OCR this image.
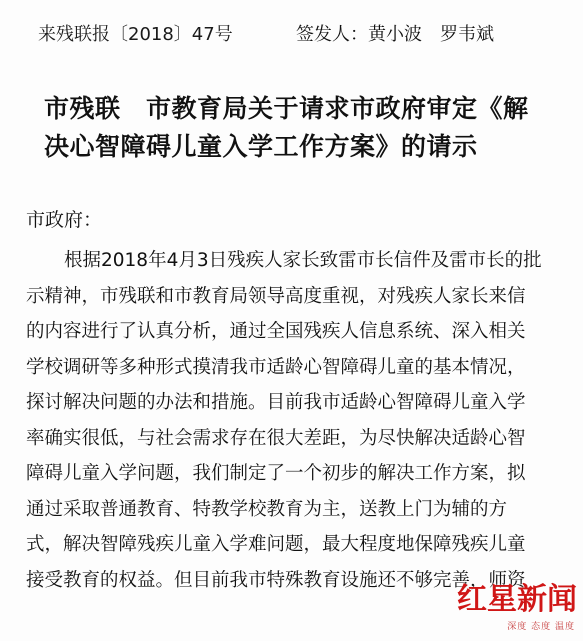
来残联报〔2018〕47号	签发人：黄小波　罗韦斌
市残联　市教育局关于请求市政府审定《解
决心智障碍儿童入学工作方案》的请示
市政府：
根据2018年4月3日残疾人家长致雷市长信件及雷市长的批
示精神，市残联和市教育局领导高度重视，对残疾人家长来信
的内容进行了认真分析，通过全国残疾人信息系统、深入相关
学校调研等多种形式摸清我市适龄心智障碍儿童的基本情况，
探讨解决问题的办法和措施。目前我市适龄心智障碍儿童入学
率确实很低，与社会需求存在很大差距，为尽快解决适龄心智
障碍儿童入学问题，我们制定了一个初步的解决工作方案，拟
通过采取普通教育、特教学校教育为主，送教上门为辅的方
式，解决智障残疾儿童入学难问题，最大程度地保障残疾儿童
接受教育的权益。但目前我市特殊教育设施还不够完善，师资
红星新闻
深度 态度 温度
